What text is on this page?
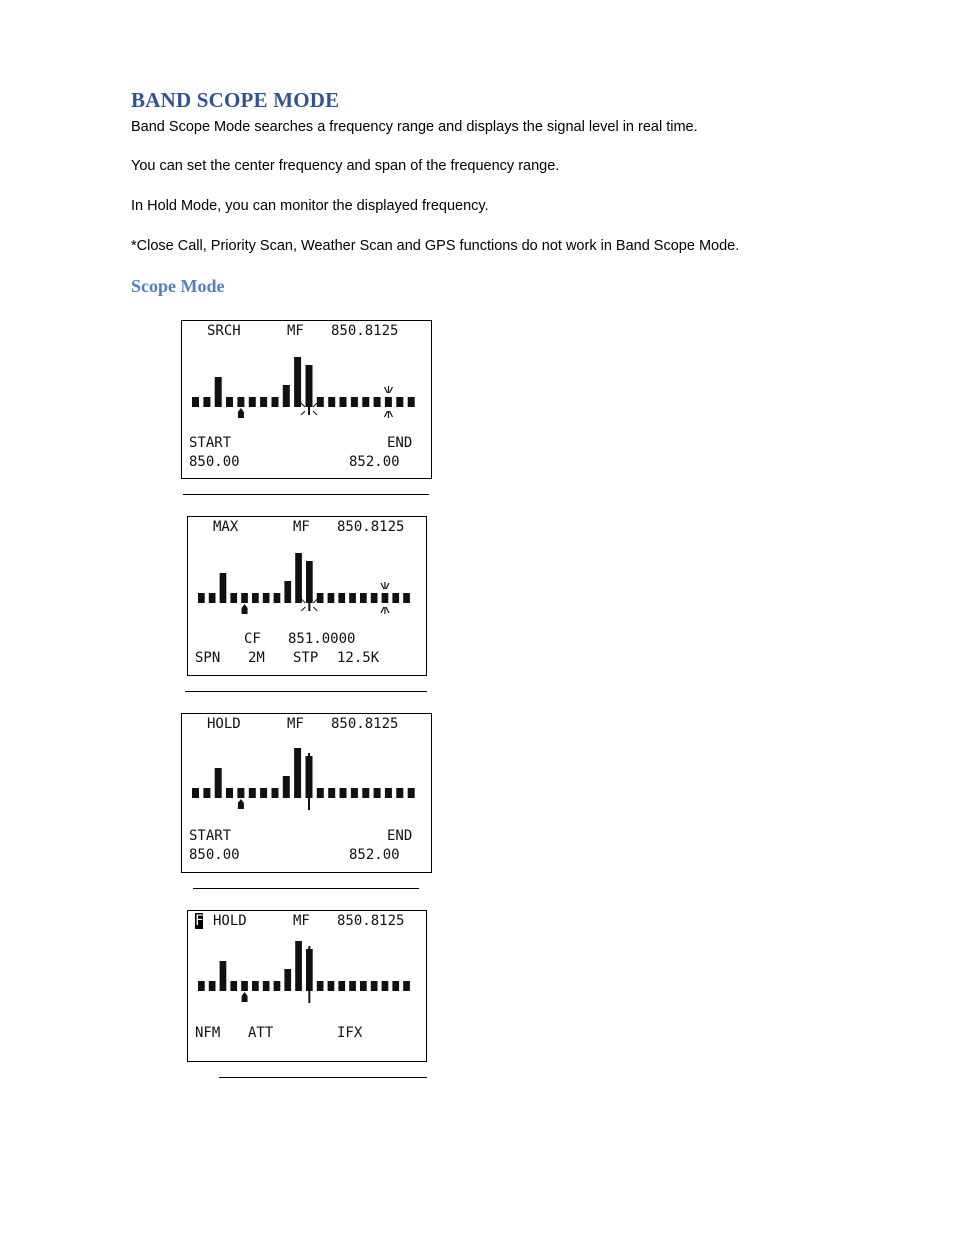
BAND SCOPE MODE

Band Scope Mode searches a frequency range and displays the signal level in real time.

You can set the center frequency and span of the frequency range.

In Hold Mode, you can monitor the displayed frequency.

*Close Call, Priority Scan, Weather Scan and GPS functions do not work in Band Scope Mode.

Scope Mode
SRCH	MF 850.8125
START	END
850.00	852.00
MAX	MF 850.8125
CF 851.0000
SPN 2M STP 12.5K
HOLD	MF 850.8125
START	END
850.00	852.00
F HOLD	MF 850.8125
NFM ATT	IFX
